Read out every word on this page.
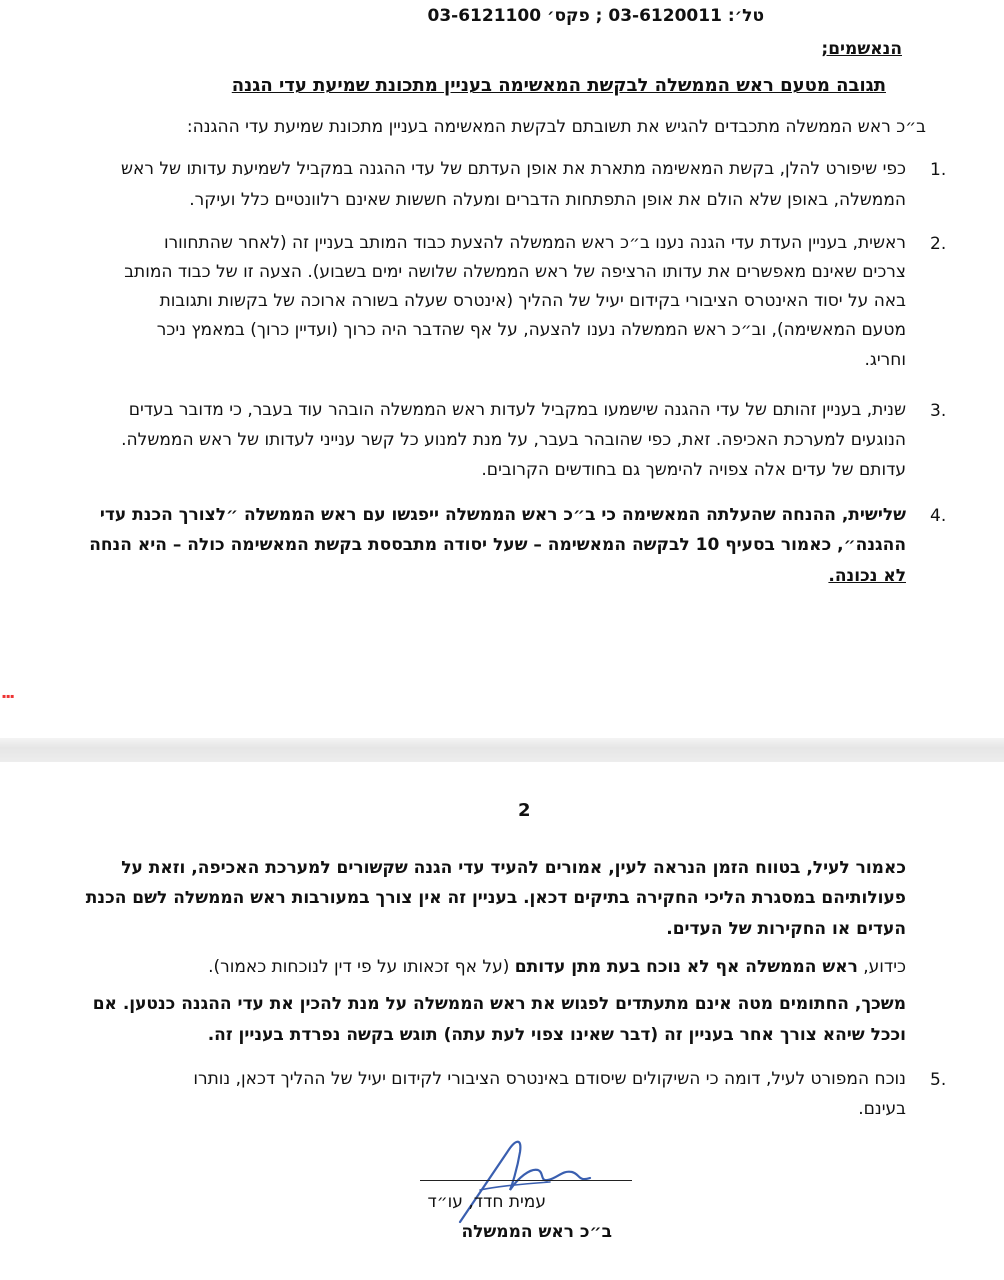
טל׳: 03-6120011 ; פקס׳ 03-6121100
הנאשמים;
תגובה מטעם ראש הממשלה לבקשת המאשימה בעניין מתכונת שמיעת עדי הגנה
ב״כ ראש הממשלה מתכבדים להגיש את תשובתם לבקשת המאשימה בעניין מתכונת שמיעת עדי ההגנה:
1.
כפי שיפורט להלן, בקשת המאשימה מתארת את אופן העדתם של עדי ההגנה במקביל לשמיעת עדותו של ראש
הממשלה, באופן שלא הולם את אופן התפתחות הדברים ומעלה חששות שאינם רלוונטיים כלל ועיקר.
2.
ראשית, בעניין העדת עדי הגנה נענו ב״כ ראש הממשלה להצעת כבוד המותב בעניין זה (לאחר שהתחוורו
צרכים שאינם מאפשרים את עדותו הרציפה של ראש הממשלה שלושה ימים בשבוע). הצעה זו של כבוד המותב
באה על יסוד האינטרס הציבורי בקידום יעיל של ההליך (אינטרס שעלה בשורה ארוכה של בקשות ותגובות
מטעם המאשימה), וב״כ ראש הממשלה נענו להצעה, על אף שהדבר היה כרוך (ועדיין כרוך) במאמץ ניכר
וחריג.
3.
שנית, בעניין זהותם של עדי ההגנה שישמעו במקביל לעדות ראש הממשלה הובהר עוד בעבר, כי מדובר בעדים
הנוגעים למערכת האכיפה. זאת, כפי שהובהר בעבר, על מנת למנוע כל קשר ענייני לעדותו של ראש הממשלה.
עדותם של עדים אלה צפויה להימשך גם בחודשים הקרובים.
4.
שלישית, ההנחה שהעלתה המאשימה כי ב״כ ראש הממשלה ייפגשו עם ראש הממשלה ״לצורך הכנת עדי
ההגנה״, כאמור בסעיף 10 לבקשה המאשימה – שעל יסודה מתבססת בקשת המאשימה כולה – היא הנחה
לא נכונה.
▪▪▪
2
כאמור לעיל, בטווח הזמן הנראה לעין, אמורים להעיד עדי הגנה שקשורים למערכת האכיפה, וזאת על
פעולותיהם במסגרת הליכי החקירה בתיקים דכאן. בעניין זה אין צורך במעורבות ראש הממשלה לשם הכנת
העדים או החקירות של העדים.
כידוע, ראש הממשלה אף לא נוכח בעת מתן עדותם (על אף זכאותו על פי דין לנוכחות כאמור).
משכך, החתומים מטה אינם מתעתדים לפגוש את ראש הממשלה על מנת להכין את עדי ההגנה כנטען. אם
וככל שיהא צורך אחר בעניין זה (דבר שאינו צפוי לעת עתה) תוגש בקשה נפרדת בעניין זה.
5.
נוכח המפורט לעיל, דומה כי השיקולים שיסודם באינטרס הציבורי לקידום יעיל של ההליך דכאן, נותרו
בעינם.
עמית חדד, עו״ד
ב״כ ראש הממשלה
